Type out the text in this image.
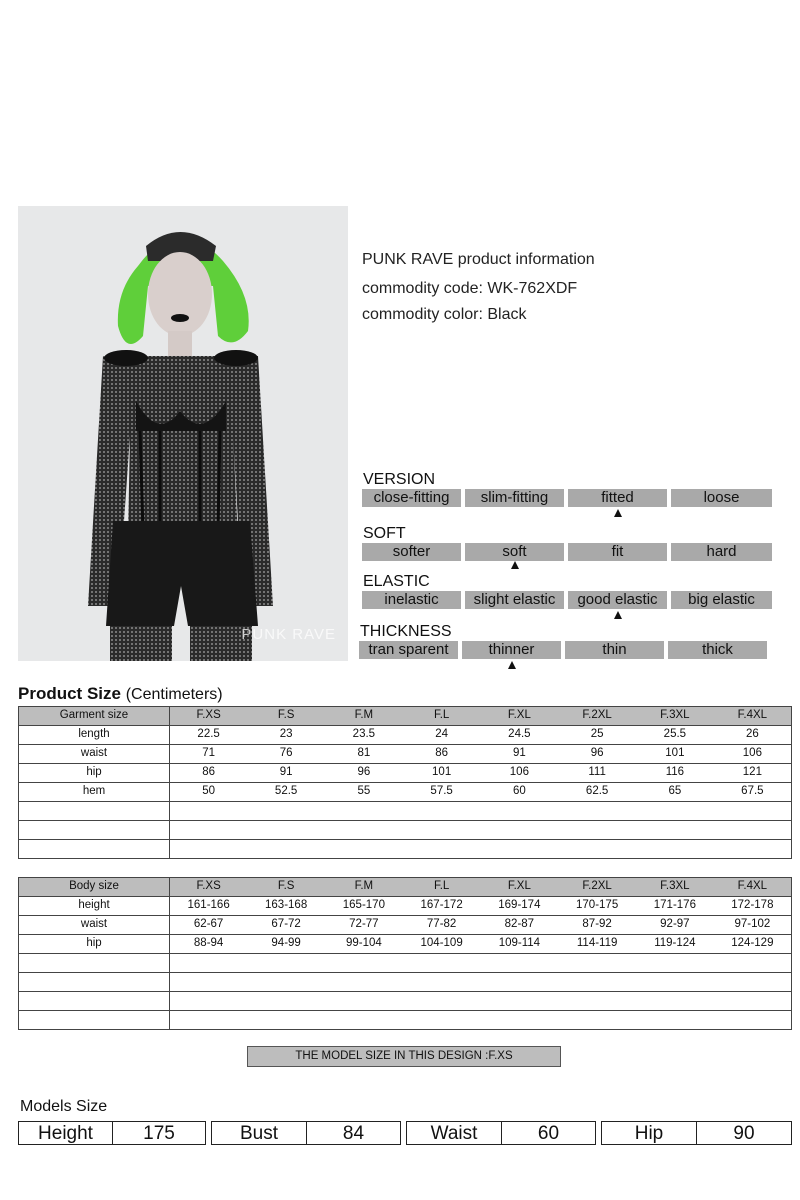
PUNK RAVE
PUNK RAVE product information
commodity code: WK-762XDF
commodity color: Black
VERSION
close-fitting	slim-fitting	fitted	loose
SOFT
softer	soft	fit	hard
ELASTIC
inelastic	slight elastic	good elastic	big elastic
THICKNESS
tran sparent	thinner	thin	thick
Product Size (Centimeters)
Garment size	F.XS	F.S	F.M	F.L	F.XL	F.2XL	F.3XL	F.4XL
length	22.5	23	23.5	24	24.5	25	25.5	26
waist	71	76	81	86	91	96	101	106
hip	86	91	96	101	106	111	116	121
hem	50	52.5	55	57.5	60	62.5	65	67.5

Body size	F.XS	F.S	F.M	F.L	F.XL	F.2XL	F.3XL	F.4XL
height	161-166	163-168	165-170	167-172	169-174	170-175	171-176	172-178
waist	62-67	67-72	72-77	77-82	82-87	87-92	92-97	97-102
hip	88-94	94-99	99-104	104-109	109-114	114-119	119-124	124-129

THE MODEL SIZE IN THIS DESIGN :F.XS
Models Size
Height	175	Bust	84	Waist	60	Hip	90
